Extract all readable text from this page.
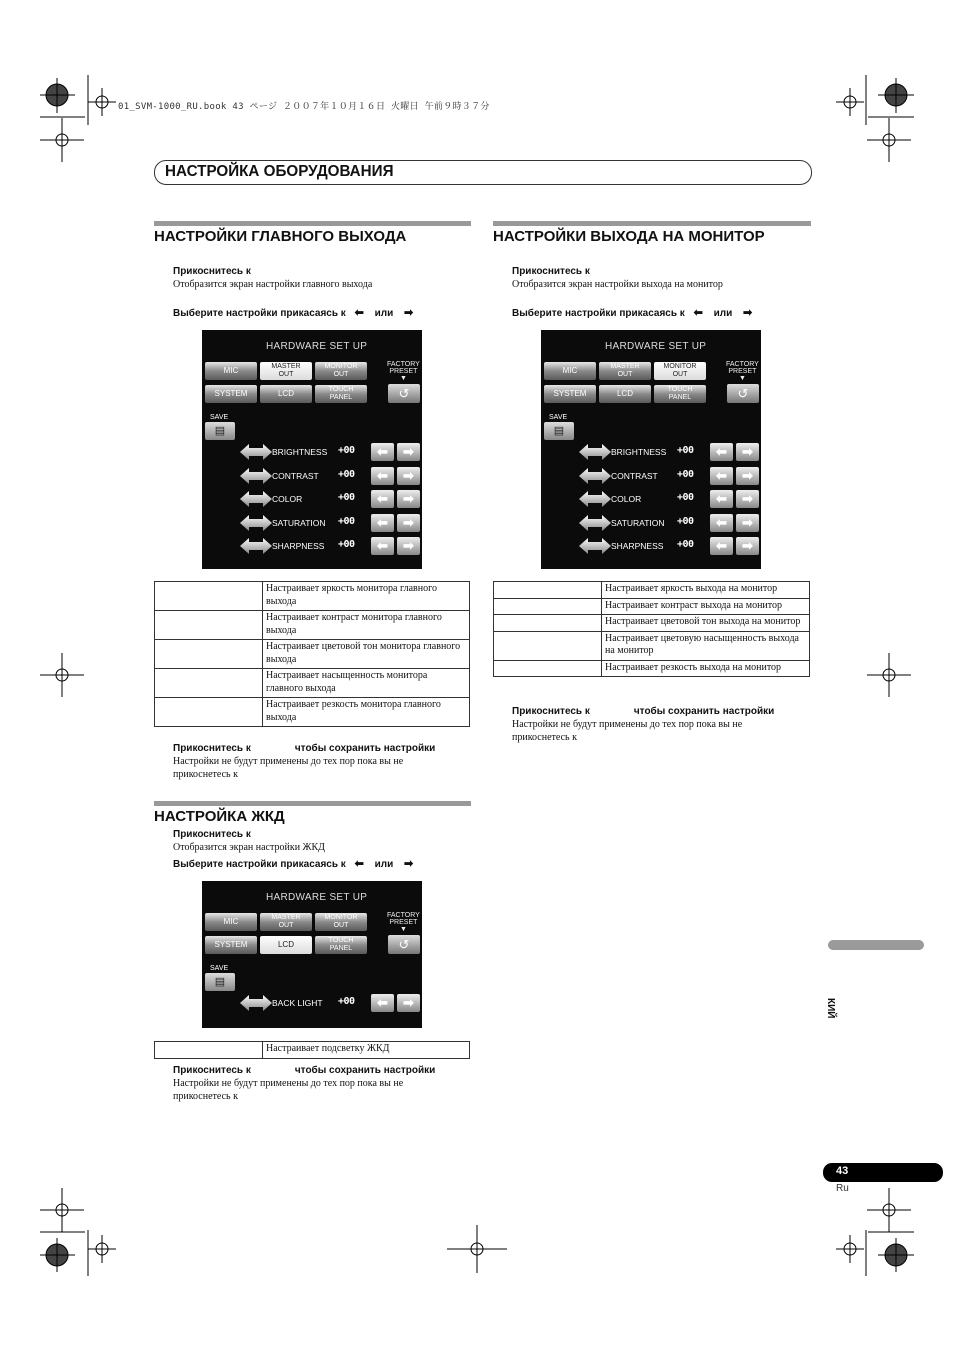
01_SVM-1000_RU.book 43 ページ ２００７年１０月１６日 火曜日 午前９時３７分
НАСТРОЙКА ОБОРУДОВАНИЯ
НАСТРОЙКИ ГЛАВНОГО ВЫХОДА
Прикоснитесь к
Отобразится экран настройки главного выхода
Выберите настройки прикасаясь к ⬅ или ➡
HARDWARE SET UP
MIC	MASTER
OUT
MONITOR
OUT
FACTORY
PRESET
▼
SYSTEM	LCD	TOUCH
PANEL	↺
SAVE
▤
BRIGHTNESS +00	⬅	➡
CONTRAST +00	⬅	➡
COLOR	+00	⬅	➡
SATURATION +00	⬅	➡
SHARPNESS +00	⬅	➡
	Настраивает яркость монитора главного выхода
	Настраивает контраст монитора главного выхода
	Настраивает цветовой тон монитора главного выхода
	Настраивает насыщенность монитора главного выхода
	Настраивает резкость монитора главного выхода
Прикоснитесь к	чтобы сохранить настройки
Настройки не будут применены до тех пор пока вы не
прикоснетесь к
НАСТРОЙКА ЖКД
Прикоснитесь к
Отобразится экран настройки ЖКД
Выберите настройки прикасаясь к ⬅ или ➡
HARDWARE SET UP
MIC	MASTER
OUT
MONITOR
OUT
FACTORY
PRESET
▼
SYSTEM	LCD	TOUCH
PANEL	↺
SAVE
▤
BACK LIGHT +00	⬅	➡
	Настраивает подсветку ЖКД
Прикоснитесь к	чтобы сохранить настройки
Настройки не будут применены до тех пор пока вы не
прикоснетесь к
НАСТРОЙКИ ВЫХОДА НА МОНИТОР
Прикоснитесь к
Отобразится экран настройки выхода на монитор
Выберите настройки прикасаясь к ⬅ или ➡
HARDWARE SET UP
MIC	MASTER
OUT
MONITOR
OUT
FACTORY
PRESET
▼
SYSTEM	LCD	TOUCH
PANEL	↺
SAVE
▤
BRIGHTNESS +00	⬅	➡
CONTRAST +00	⬅	➡
COLOR	+00	⬅	➡
SATURATION +00	⬅	➡
SHARPNESS +00	⬅	➡
	Настраивает яркость выхода на монитор
	Настраивает контраст выхода на монитор
	Настраивает цветовой тон выхода на монитор
	Настраивает цветовую насыщенность выхода на монитор
	Настраивает резкость выхода на монитор
Прикоснитесь к	чтобы сохранить настройки
Настройки не будут применены до тех пор пока вы не
прикоснетесь к
КИЙ
43
Ru
